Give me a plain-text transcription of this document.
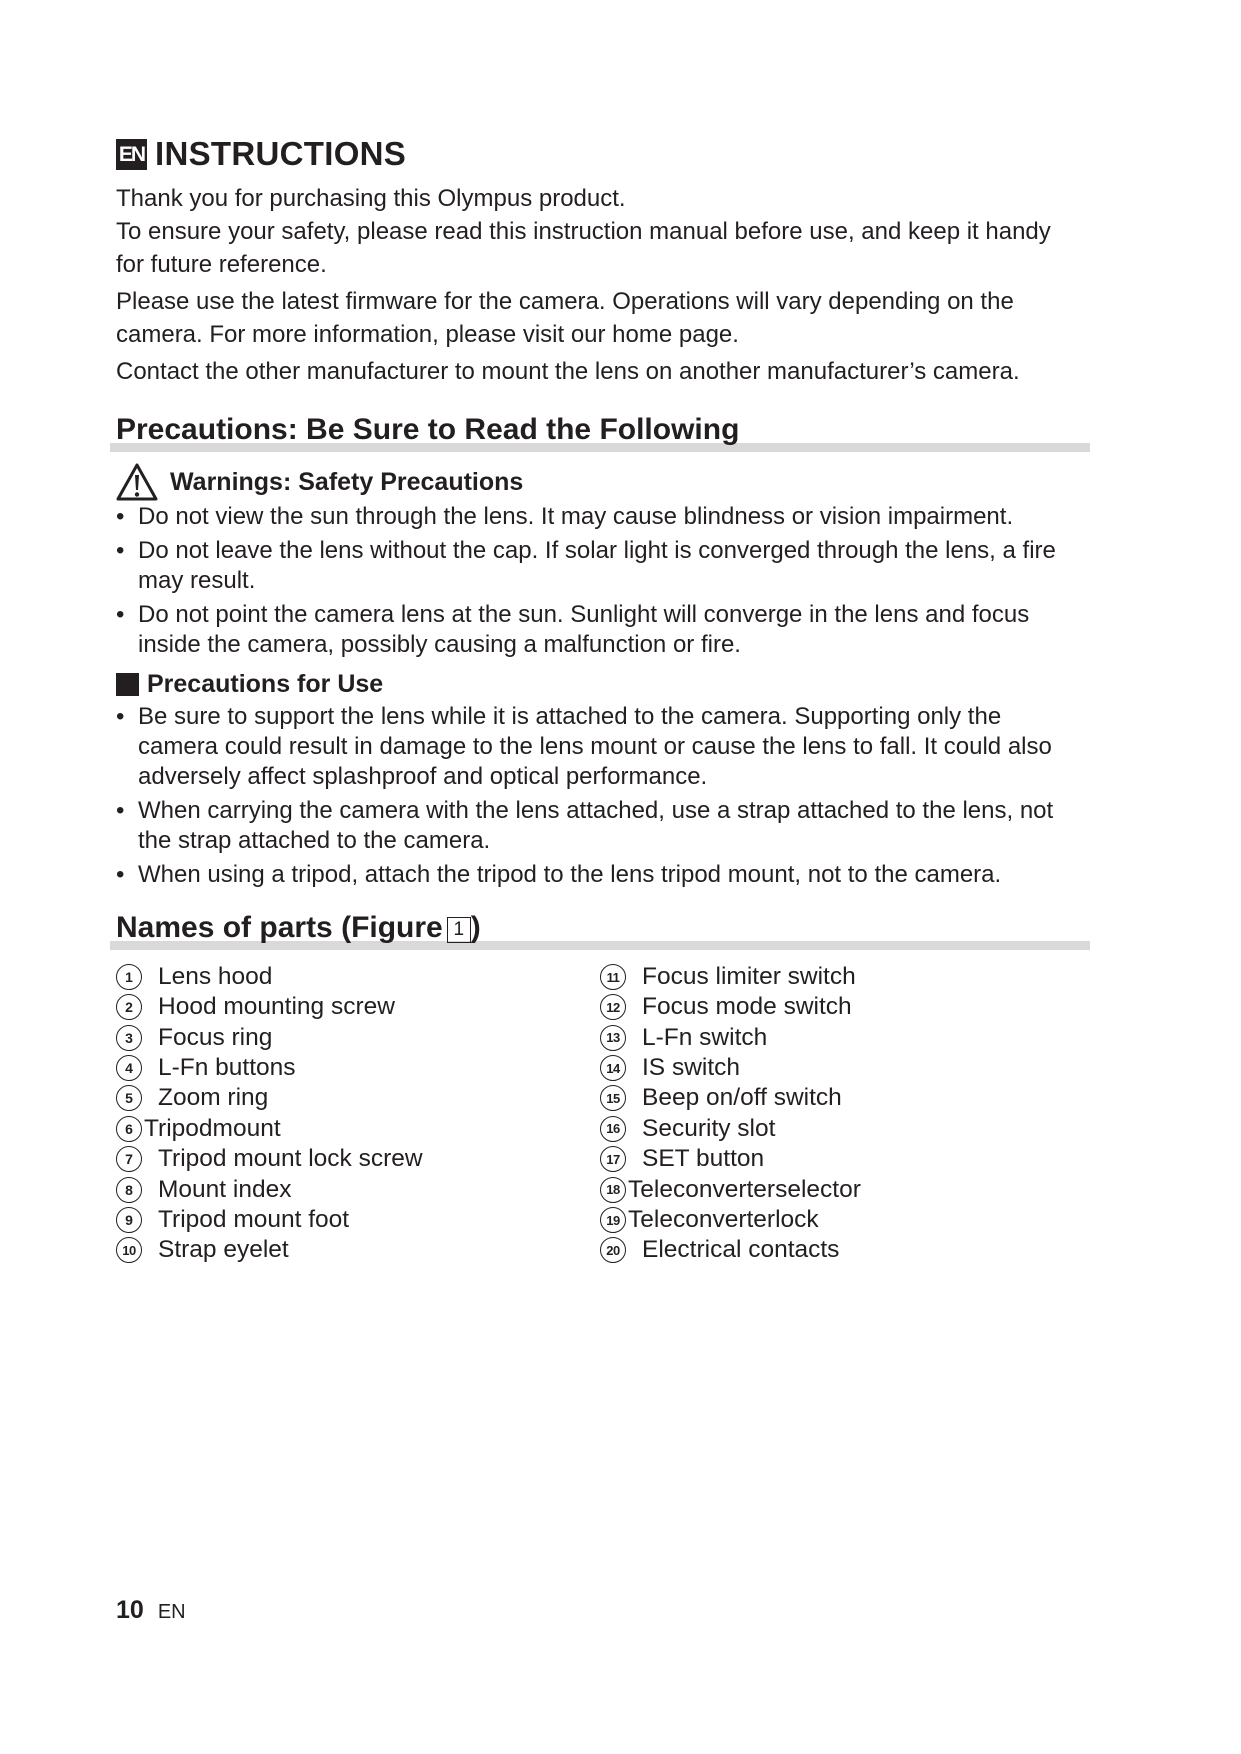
EN INSTRUCTIONS

Thank you for purchasing this Olympus product.

To ensure your safety, please read this instruction manual before use, and keep it handy for future reference.

Please use the latest firmware for the camera. Operations will vary depending on the camera. For more information, please visit our home page.

Contact the other manufacturer to mount the lens on another manufacturer’s camera.

Precautions: Be Sure to Read the Following
Warnings: Safety Precautions
• Do not view the sun through the lens. It may cause blindness or vision impairment.
• Do not leave the lens without the cap. If solar light is converged through the lens, a fire may result.
• Do not point the camera lens at the sun. Sunlight will converge in the lens and focus inside the camera, possibly causing a malfunction or fire.
Precautions for Use
• Be sure to support the lens while it is attached to the camera. Supporting only the camera could result in damage to the lens mount or cause the lens to fall. It could also adversely affect splashproof and optical performance.
• When carrying the camera with the lens attached, use a strap attached to the lens, not the strap attached to the camera.
• When using a tripod, attach the tripod to the lens tripod mount, not to the camera.
Names of parts (Figure 1 )
1	Lens hood
2	Hood mounting screw
3	Focus ring
4	L-Fn buttons
5	Zoom ring
6 Tripodmount
7	Tripod mount lock screw
8	Mount index
9	Tripod mount foot
10 Strap eyelet
11 Focus limiter switch
12 Focus mode switch
13 L-Fn switch
14 IS switch
15 Beep on/off switch
16 Security slot
17 SET button
18 Teleconverterselector
19 Teleconverterlock
20 Electrical contacts
10 EN
